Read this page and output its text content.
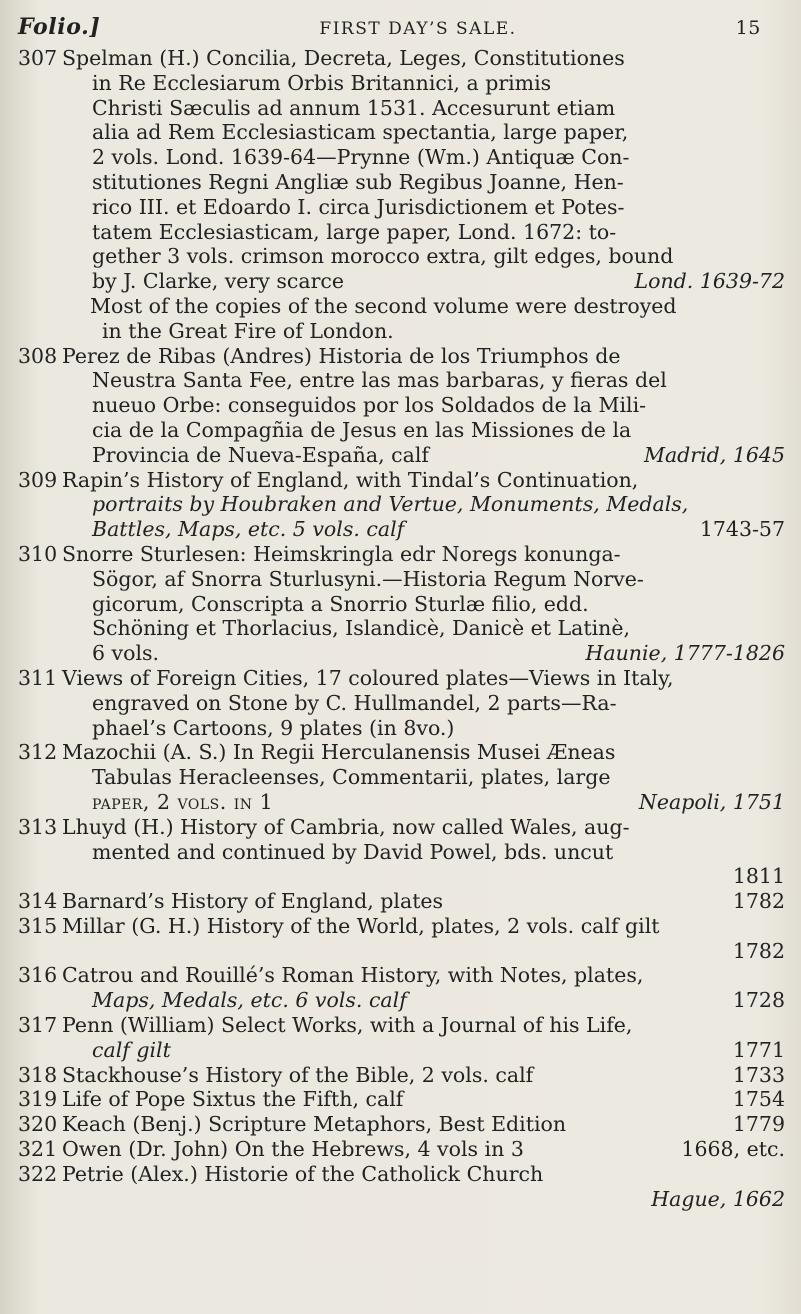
Folio.]	FIRST DAY’S SALE.	15
307 Spelman (H.) Concilia, Decreta, Leges, Constitutiones
in Re Ecclesiarum Orbis Britannici, a primis
Christi Sæculis ad annum 1531. Accesurunt etiam
alia ad Rem Ecclesiasticam spectantia, large paper,
2 vols. Lond. 1639-64—Prynne (Wm.) Antiquæ Con-
stitutiones Regni Angliæ sub Regibus Joanne, Hen-
rico III. et Edoardo I. circa Jurisdictionem et Potes-
tatem Ecclesiasticam, large paper, Lond. 1672: to-
gether 3 vols. crimson morocco extra, gilt edges, bound
by J. Clarke, very scarce	Lond. 1639-72
Most of the copies of the second volume were destroyed
in the Great Fire of London.
308 Perez de Ribas (Andres) Historia de los Triumphos de
Neustra Santa Fee, entre las mas barbaras, y fieras del
nueuo Orbe: conseguidos por los Soldados de la Mili-
cia de la Compagñia de Jesus en las Missiones de la
Provincia de Nueva-España, calf	Madrid, 1645
309 Rapin’s History of England, with Tindal’s Continuation,
portraits by Houbraken and Vertue, Monuments, Medals,
Battles, Maps, etc. 5 vols. calf	1743-57
310 Snorre Sturlesen: Heimskringla edr Noregs konunga-
Sögor, af Snorra Sturlusyni.—Historia Regum Norve-
gicorum, Conscripta a Snorrio Sturlæ filio, edd.
Schöning et Thorlacius, Islandicè, Danicè et Latinè,
6 vols.	Haunie, 1777-1826
311 Views of Foreign Cities, 17 coloured plates—Views in Italy,
engraved on Stone by C. Hullmandel, 2 parts—Ra-
phael’s Cartoons, 9 plates (in 8vo.)
312 Mazochii (A. S.) In Regii Herculanensis Musei Æneas
Tabulas Heracleenses, Commentarii, plates, large
paper, 2 vols. in 1	Neapoli, 1751
313 Lhuyd (H.) History of Cambria, now called Wales, aug-
mented and continued by David Powel, bds. uncut
1811
314 Barnard’s History of England, plates	1782
315 Millar (G. H.) History of the World, plates, 2 vols. calf gilt
1782
316 Catrou and Rouillé’s Roman History, with Notes, plates,
Maps, Medals, etc. 6 vols. calf	1728
317 Penn (William) Select Works, with a Journal of his Life,
calf gilt	1771
318 Stackhouse’s History of the Bible, 2 vols. calf	1733
319 Life of Pope Sixtus the Fifth, calf	1754
320 Keach (Benj.) Scripture Metaphors, Best Edition	1779
321 Owen (Dr. John) On the Hebrews, 4 vols in 3	1668, etc.
322 Petrie (Alex.) Historie of the Catholick Church
Hague, 1662
